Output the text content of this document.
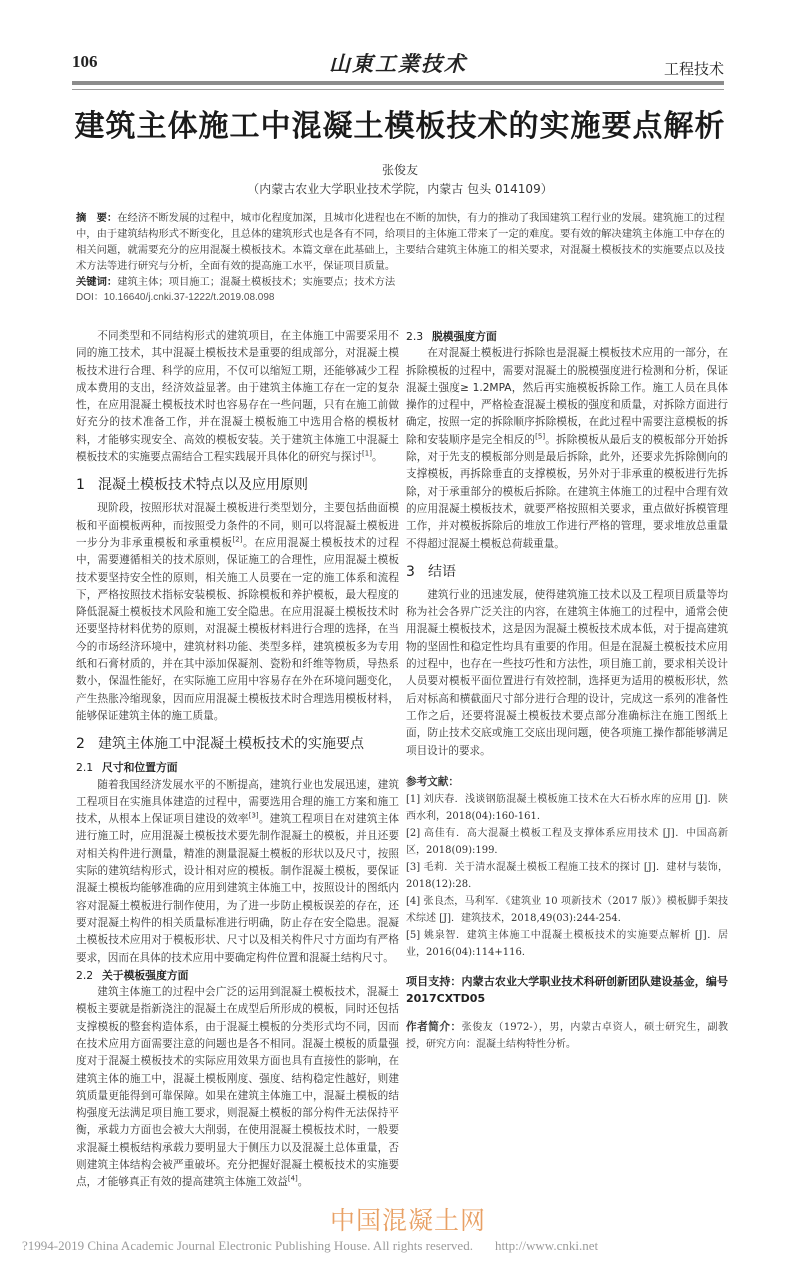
106	山東工業技术	工程技术
建筑主体施工中混凝土模板技术的实施要点解析
张俊友
（内蒙古农业大学职业技术学院，内蒙古 包头 014109）
摘　要：在经济不断发展的过程中，城市化程度加深，且城市化进程也在不断的加快，有力的推动了我国建筑工程行业的发展。建筑施工的过程中，由于建筑结构形式不断变化，且总体的建筑形式也是各有不同，给项目的主体施工带来了一定的难度。要有效的解决建筑主体施工中存在的相关问题，就需要充分的应用混凝土模板技术。本篇文章在此基础上，主要结合建筑主体施工的相关要求，对混凝土模板技术的实施要点以及技术方法等进行研究与分析，全面有效的提高施工水平，保证项目质量。
关键词：建筑主体；项目施工；混凝土模板技术；实施要点；技术方法
DOI：10.16640/j.cnki.37-1222/t.2019.08.098

不同类型和不同结构形式的建筑项目，在主体施工中需要采用不同的施工技术，其中混凝土模板技术是重要的组成部分，对混凝土模板技术进行合理、科学的应用，不仅可以缩短工期，还能够减少工程成本费用的支出，经济效益显著。由于建筑主体施工存在一定的复杂性，在应用混凝土模板技术时也容易存在一些问题，只有在施工前做好充分的技术准备工作，并在混凝土模板施工中选用合格的模板材料，才能够实现安全、高效的模板安装。关于建筑主体施工中混凝土模板技术的实施要点需结合工程实践展开具体化的研究与探讨[1]。

1 混凝土模板技术特点以及应用原则

现阶段，按照形状对混凝土模板进行类型划分，主要包括曲面模板和平面模板两种，而按照受力条件的不同，则可以将混凝土模板进一步分为非承重模板和承重模板[2]。在应用混凝土模板技术的过程中，需要遵循相关的技术原则，保证施工的合理性，应用混凝土模板技术要坚持安全性的原则，相关施工人员要在一定的施工体系和流程下，严格按照技术指标安装模板、拆除模板和养护模板，最大程度的降低混凝土模板技术风险和施工安全隐患。在应用混凝土模板技术时还要坚持材料优势的原则，对混凝土模板材料进行合理的选择，在当今的市场经济环境中，建筑材料功能、类型多样，建筑模板多为专用纸和石膏材质的，并在其中添加保凝剂、瓷粉和纤维等物质，导热系数小，保温性能好，在实际施工应用中容易存在外在环境问题变化，产生热胀冷缩现象，因而应用混凝土模板技术时合理选用模板材料，能够保证建筑主体的施工质量。

2 建筑主体施工中混凝土模板技术的实施要点
2.1 尺寸和位置方面

随着我国经济发展水平的不断提高，建筑行业也发展迅速，建筑工程项目在实施具体建造的过程中，需要选用合理的施工方案和施工技术，从根本上保证项目建设的效率[3]。建筑工程项目在对建筑主体进行施工时，应用混凝土模板技术要先制作混凝土的模板，并且还要对相关构件进行测量，精准的测量混凝土模板的形状以及尺寸，按照实际的建筑结构形式，设计相对应的模板。制作混凝土模板，要保证混凝土模板均能够准确的应用到建筑主体施工中，按照设计的图纸内容对混凝土模板进行制作使用，为了进一步防止模板误差的存在，还要对混凝土构件的相关质量标准进行明确，防止存在安全隐患。混凝土模板技术应用对于模板形状、尺寸以及相关构件尺寸方面均有严格要求，因而在具体的技术应用中要确定构件位置和混凝土结构尺寸。

2.2 关于模板强度方面

建筑主体施工的过程中会广泛的运用到混凝土模板技术，混凝土模板主要就是指新浇注的混凝土在成型后所形成的模板，同时还包括支撑模板的整套构造体系，由于混凝土模板的分类形式均不同，因而在技术应用方面需要注意的问题也是各不相同。混凝土模板的质量强度对于混凝土模板技术的实际应用效果方面也具有直接性的影响，在建筑主体的施工中，混凝土模板刚度、强度、结构稳定性越好，则建筑质量更能得到可靠保障。如果在建筑主体施工中，混凝土模板的结构强度无法满足项目施工要求，则混凝土模板的部分构件无法保持平衡，承载力方面也会被大大削弱，在使用混凝土模板技术时，一般要求混凝土模板结构承载力要明显大于侧压力以及混凝土总体重量，否则建筑主体结构会被严重破坏。充分把握好混凝土模板技术的实施要点，才能够真正有效的提高建筑主体施工效益[4]。

2.3 脱模强度方面

在对混凝土模板进行拆除也是混凝土模板技术应用的一部分，在拆除模板的过程中，需要对混凝土的脱模强度进行检测和分析，保证混凝土强度≥ 1.2MPA，然后再实施模板拆除工作。施工人员在具体操作的过程中，严格检查混凝土模板的强度和质量，对拆除方面进行确定，按照一定的拆除顺序拆除模板，在此过程中需要注意模板的拆除和安装顺序是完全相反的[5]。拆除模板从最后支的模板部分开始拆除，对于先支的模板部分则是最后拆除，此外，还要求先拆除侧向的支撑模板，再拆除垂直的支撑模板，另外对于非承重的模板进行先拆除，对于承重部分的模板后拆除。在建筑主体施工的过程中合理有效的应用混凝土模板技术，就要严格按照相关要求，重点做好拆模管理工作，并对模板拆除后的堆放工作进行严格的管理，要求堆放总重量不得超过混凝土模板总荷载重量。

3 结语

建筑行业的迅速发展，使得建筑施工技术以及工程项目质量等均称为社会各界广泛关注的内容，在建筑主体施工的过程中，通常会使用混凝土模板技术，这是因为混凝土模板技术成本低，对于提高建筑物的坚固性和稳定性均具有重要的作用。但是在混凝土模板技术应用的过程中，也存在一些技巧性和方法性，项目施工前，要求相关设计人员要对模板平面位置进行有效控制，选择更为适用的模板形状，然后对标高和横截面尺寸部分进行合理的设计，完成这一系列的准备性工作之后，还要将混凝土模板技术要点部分准确标注在施工图纸上面，防止技术交底或施工交底出现问题，使各项施工操作都能够满足项目设计的要求。

参考文献：
[1] 刘庆春．浅谈钢筋混凝土模板施工技术在大石桥水库的应用 [J]．陕西水利，2018(04):160-161．
[2] 高佳有．高大混凝土模板工程及支撑体系应用技术 [J]．中国高新区，2018(09):199．
[3] 毛莉．关于清水混凝土模板工程施工技术的探讨 [J]．建材与装饰，2018(12):28．
[4] 张良杰，马利军．《建筑业 10 项新技术（2017 版）》模板脚手架技术综述 [J]．建筑技术，2018,49(03):244-254．
[5] 姚泉智．建筑主体施工中混凝土模板技术的实施要点解析 [J]．居业，2016(04):114+116．
项目支持：内蒙古农业大学职业技术科研创新团队建设基金，编号 2017CXTD05
作者简介：张俊友（1972-），男，内蒙古卓资人，硕士研究生，副教授，研究方向：混凝土结构特性分析。
中国混凝土网
?1994-2019 China Academic Journal Electronic Publishing House. All rights reserved. http://www.cnki.net
